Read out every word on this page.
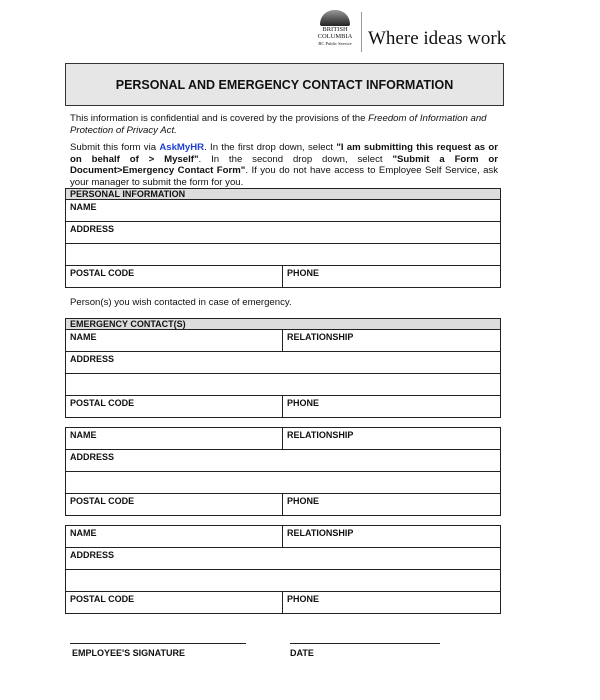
BRITISH COLUMBIA
BC Public Service Where ideas work
PERSONAL AND EMERGENCY CONTACT INFORMATION
This information is confidential and is covered by the provisions of the Freedom of Information and Protection of Privacy Act.
Submit this form via AskMyHR. In the first drop down, select "I am submitting this request as or on behalf of > Myself". In the second drop down, select "Submit a Form or Document>Emergency Contact Form". If you do not have access to Employee Self Service, ask your manager to submit the form for you.
PERSONAL INFORMATION
NAME
ADDRESS
POSTAL CODE	PHONE
Person(s) you wish contacted in case of emergency.
EMERGENCY CONTACT(S)
NAME	RELATIONSHIP
ADDRESS
POSTAL CODE	PHONE
NAME	RELATIONSHIP
ADDRESS
POSTAL CODE	PHONE
NAME	RELATIONSHIP
ADDRESS
POSTAL CODE	PHONE
EMPLOYEE'S SIGNATURE	DATE
